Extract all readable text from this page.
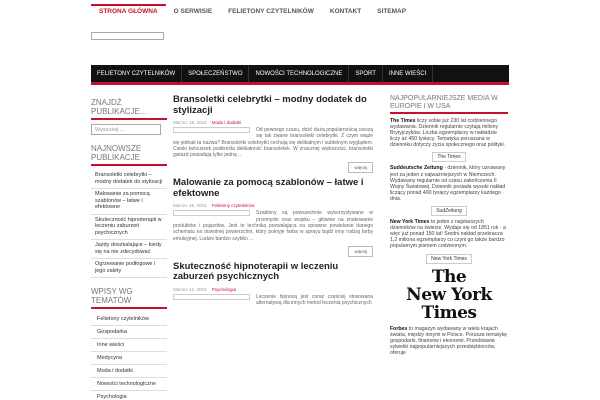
STRONA GŁÓWNA	O SERWISIE	FELIETONY CZYTELNIKÓW	KONTAKT	SITEMAP
FELIETONY CZYTELNIKÓW	SPOŁECZEŃSTWO	NOWOŚCI TECHNOLOGICZNE	SPORT	INNE WIEŚCI
ZNAJDŹ PUBLIKACJE...
Wyszukaj ...
NAJNOWSZE PUBLIKACJE
Bransoletki celebrytki – modny dodatek do stylizacji
Malowanie za pomocą szablonów – łatwe i efektowne
Skuteczność hipnoterapii w leczeniu zaburzeń psychicznych
Jazdy doszkalające – kiedy się na nie zdecydować
Ogrzewanie podłogowe i jego zalety
WPISY WG TEMATÓW
Felietony czytelników
Gospodarka
Inne wieści
Medycyna
Moda i dodatki
Nowości technologiczne
Psychologia
Bransoletki celebrytki – modny dodatek do stylizacji
Marzec 19, 2018 Moda i dodatki

Od pewnego czasu, dość dużą popularnością cieszą się tak zwane bransoletki celebrytki. Z czym wiąże się jednak ta nazwa? Bransoletki celebrytki cechują się delikatnym i subtelnym wyglądem. Cienki łańcuszek podkreśla delikatność bransoletek. W znacznej większości, bransoletki gwiazd posiadają tylko jedną ...

więcej
Malowanie za pomocą szablonów – łatwe i efektowne
Marzec 16, 2018 Felietony czytelników

Szablony są powszechnie wykorzystywane w przemyśle oraz wojsku – głównie na znakowanie produktów i pojazdów. Jest to technika pozwalająca na sprawne powielanie danego schematu na dowolnej powierzchni, który pokryje farba w sprayu bądź inny rodzaj farby emulsyjnej. Ludzie bardzo szybko ...

więcej
Skuteczność hipnoterapii w leczeniu zaburzeń psychicznych
Marzec 12, 2018 Psychologia

Leczenie hipnozą jest coraz częściej stosowana alternatywą dla innych metod leczenia psychicznych

NAJPOPULARNIEJSZE MEDIA W EUROPIE I W USA

The Times liczy sobie już 230 lat codziennego wydawania. Dziennik regularnie czytają miliony Brytyjczyków. Liczba egzemplarzy w nakładzie liczy aż 450 tysięcy. Tematyka poruszana w dzienniku dotyczy życia społecznego oraz polityki.

The Times

Suddeutsche Zeitung - dziennik, który uznawany jest za jeden z najważniejszych w Niemczech. Wydawany regularnie od czasu zakończenia II Wojny Światowej. Dziennik posiada wysoki nakład liczący ponad 400 tysięcy egzemplarzy każdego dnia.

SudZeitung

New York Times to jeden z najstarszych dzienników na świecie. Wydaje się od 1851 rok - a więc już ponad 150 lat! Średni nakład przekracza 1,2 miliona egzemplarzy co czyni go także bardzo popularnym pismem codziennym.

New York Times
The
New York
Times

Forbes to magazyn wydawany w wielu krajach świata, między innymi w Polsce. Porusza tematykę gospodarki, finansów i ekonomii. Przedstawia sylwetki najpopularniejszych przedsiębiorców, oferuje
